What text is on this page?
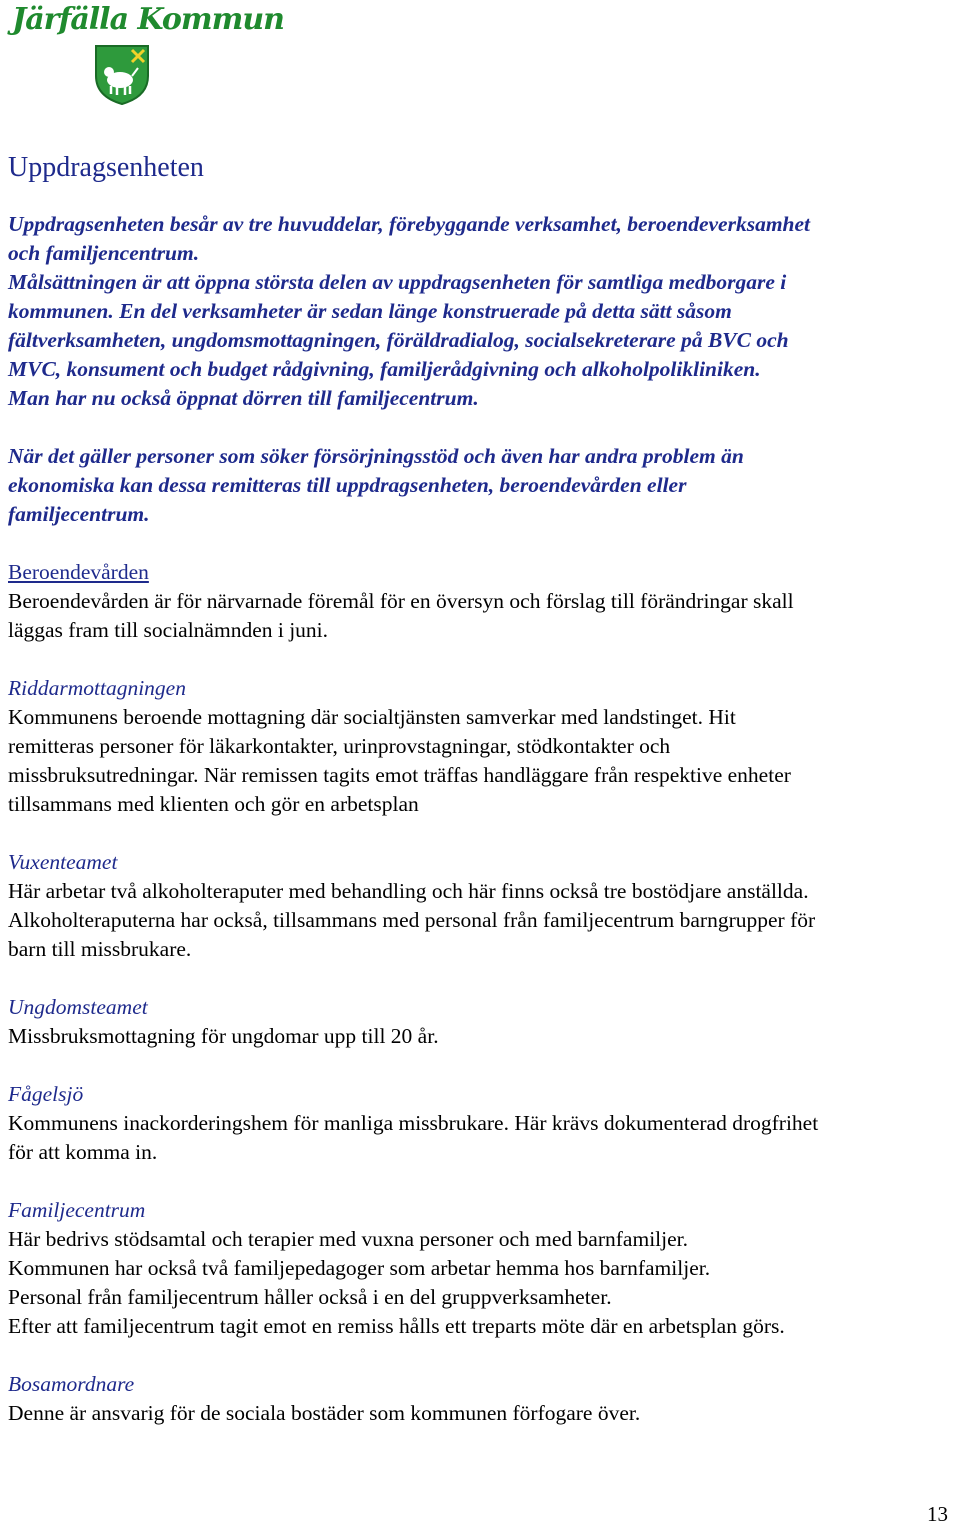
Järfälla Kommun
Uppdragsenheten

Uppdragsenheten besår av tre huvuddelar, förebyggande verksamhet, beroendeverksamhet
och familjencentrum.
Målsättningen är att öppna största delen av uppdragsenheten för samtliga medborgare i
kommunen. En del verksamheter är sedan länge konstruerade på detta sätt såsom
fältverksamheten, ungdomsmottagningen, föräldradialog, socialsekreterare på BVC och
MVC, konsument och budget rådgivning, familjerådgivning och alkoholpolikliniken.
Man har nu också öppnat dörren till familjecentrum.

När det gäller personer som söker försörjningsstöd och även har andra problem än
ekonomiska kan dessa remitteras till uppdragsenheten, beroendevården eller
familjecentrum.

Beroendevården
Beroendevården är för närvarnade föremål för en översyn och förslag till förändringar skall
läggas fram till socialnämnden i juni.
Riddarmottagningen
Kommunens beroende mottagning där socialtjänsten samverkar med landstinget. Hit
remitteras personer för läkarkontakter, urinprovstagningar, stödkontakter och
missbruksutredningar. När remissen tagits emot träffas handläggare från respektive enheter
tillsammans med klienten och gör en arbetsplan
Vuxenteamet
Här arbetar två alkoholteraputer med behandling och här finns också tre bostödjare anställda.
Alkoholteraputerna har också, tillsammans med personal från familjecentrum barngrupper för
barn till missbrukare.
Ungdomsteamet
Missbruksmottagning för ungdomar upp till 20 år.
Fågelsjö
Kommunens inackorderingshem för manliga missbrukare. Här krävs dokumenterad drogfrihet
för att komma in.
Familjecentrum
Här bedrivs stödsamtal och terapier med vuxna personer och med barnfamiljer.
Kommunen har också två familjepedagoger som arbetar hemma hos barnfamiljer.
Personal från familjecentrum håller också i en del gruppverksamheter.
Efter att familjecentrum tagit emot en remiss hålls ett treparts möte där en arbetsplan görs.
Bosamordnare
Denne är ansvarig för de sociala bostäder som kommunen förfogare över.
13
